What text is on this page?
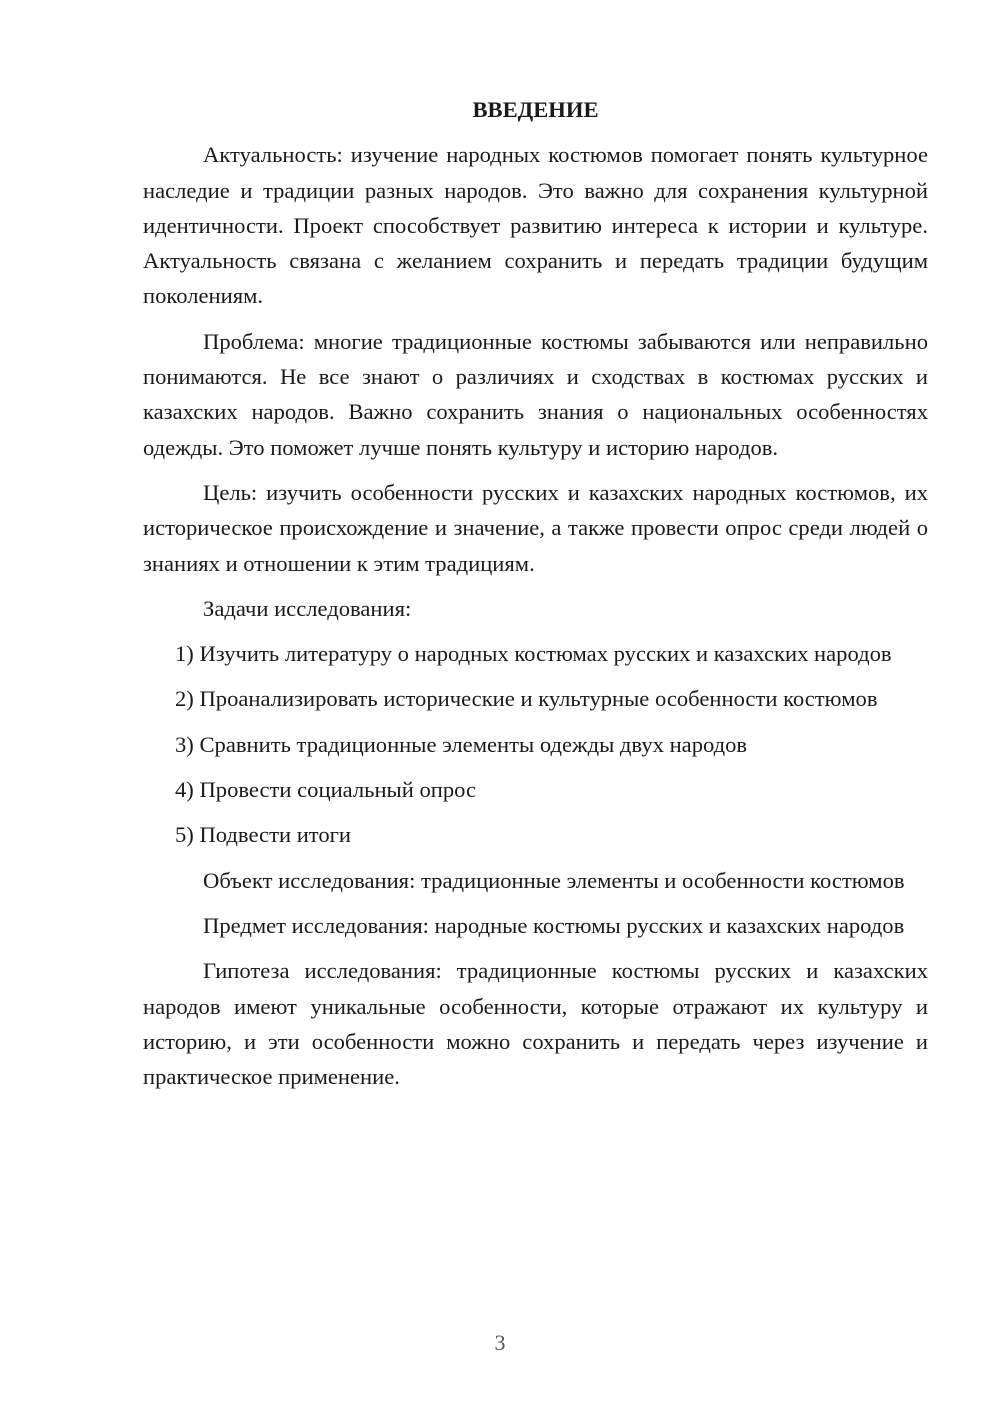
ВВЕДЕНИЕ

Актуальность: изучение народных костюмов помогает понять культурное наследие и традиции разных народов. Это важно для сохранения культурной идентичности. Проект способствует развитию интереса к истории и культуре. Актуальность связана с желанием сохранить и передать традиции будущим поколениям.

Проблема: многие традиционные костюмы забываются или неправильно понимаются. Не все знают о различиях и сходствах в костюмах русских и казахских народов. Важно сохранить знания о национальных особенностях одежды. Это поможет лучше понять культуру и историю народов.

Цель: изучить особенности русских и казахских народных костюмов, их историческое происхождение и значение, а также провести опрос среди людей о знаниях и отношении к этим традициям.

Задачи исследования:

1) Изучить литературу о народных костюмах русских и казахских народов

2) Проанализировать исторические и культурные особенности костюмов

3) Сравнить традиционные элементы одежды двух народов

4) Провести социальный опрос

5) Подвести итоги

Объект исследования: традиционные элементы и особенности костюмов

Предмет исследования: народные костюмы русских и казахских народов

Гипотеза исследования: традиционные костюмы русских и казахских народов имеют уникальные особенности, которые отражают их культуру и историю, и эти особенности можно сохранить и передать через изучение и практическое применение.

3
